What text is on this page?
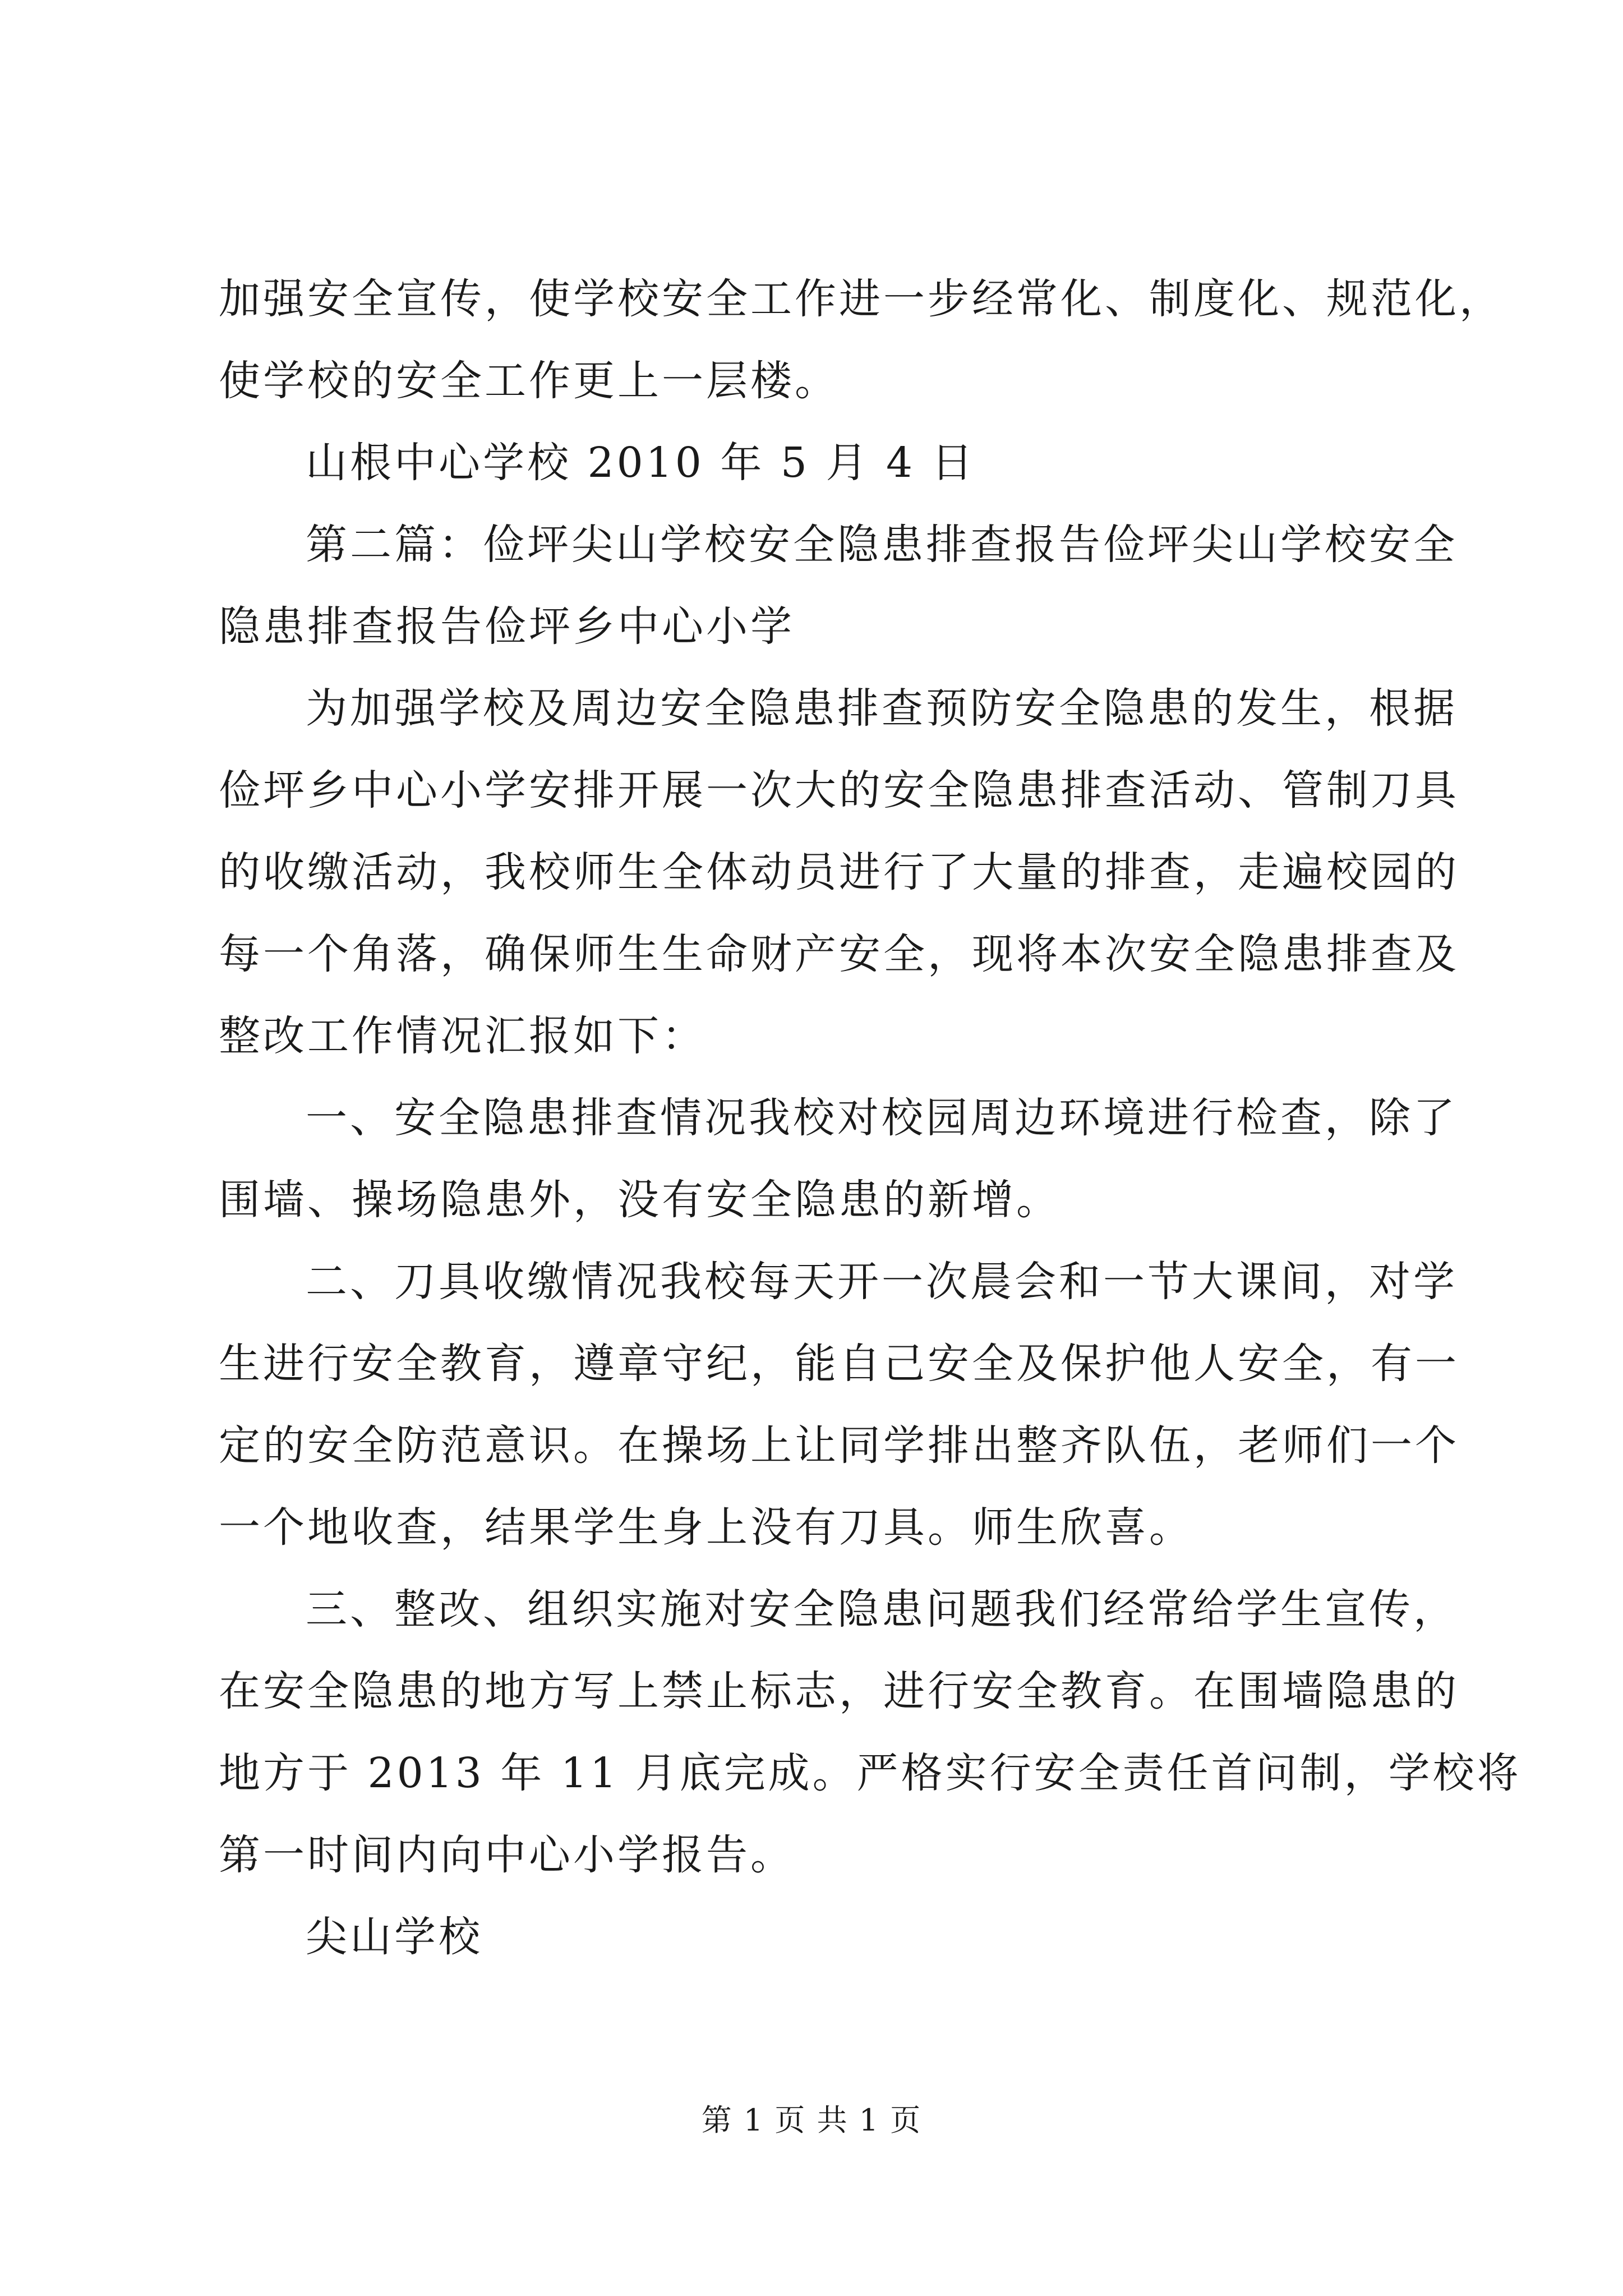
加强安全宣传，使学校安全工作进一步经常化、制度化、规范化，
使学校的安全工作更上一层楼。
山根中心学校 2010 年 5 月 4 日
第二篇：俭坪尖山学校安全隐患排查报告俭坪尖山学校安全
隐患排查报告俭坪乡中心小学
为加强学校及周边安全隐患排查预防安全隐患的发生，根据
俭坪乡中心小学安排开展一次大的安全隐患排查活动、管制刀具
的收缴活动，我校师生全体动员进行了大量的排查，走遍校园的
每一个角落，确保师生生命财产安全，现将本次安全隐患排查及
整改工作情况汇报如下：
一、安全隐患排查情况我校对校园周边环境进行检查，除了
围墙、操场隐患外，没有安全隐患的新增。
二、刀具收缴情况我校每天开一次晨会和一节大课间，对学
生进行安全教育，遵章守纪，能自己安全及保护他人安全，有一
定的安全防范意识。在操场上让同学排出整齐队伍，老师们一个
一个地收查，结果学生身上没有刀具。师生欣喜。
三、整改、组织实施对安全隐患问题我们经常给学生宣传，
在安全隐患的地方写上禁止标志，进行安全教育。在围墙隐患的
地方于 2013 年 11 月底完成。严格实行安全责任首问制，学校将
第一时间内向中心小学报告。
尖山学校
第 1 页 共 1 页
